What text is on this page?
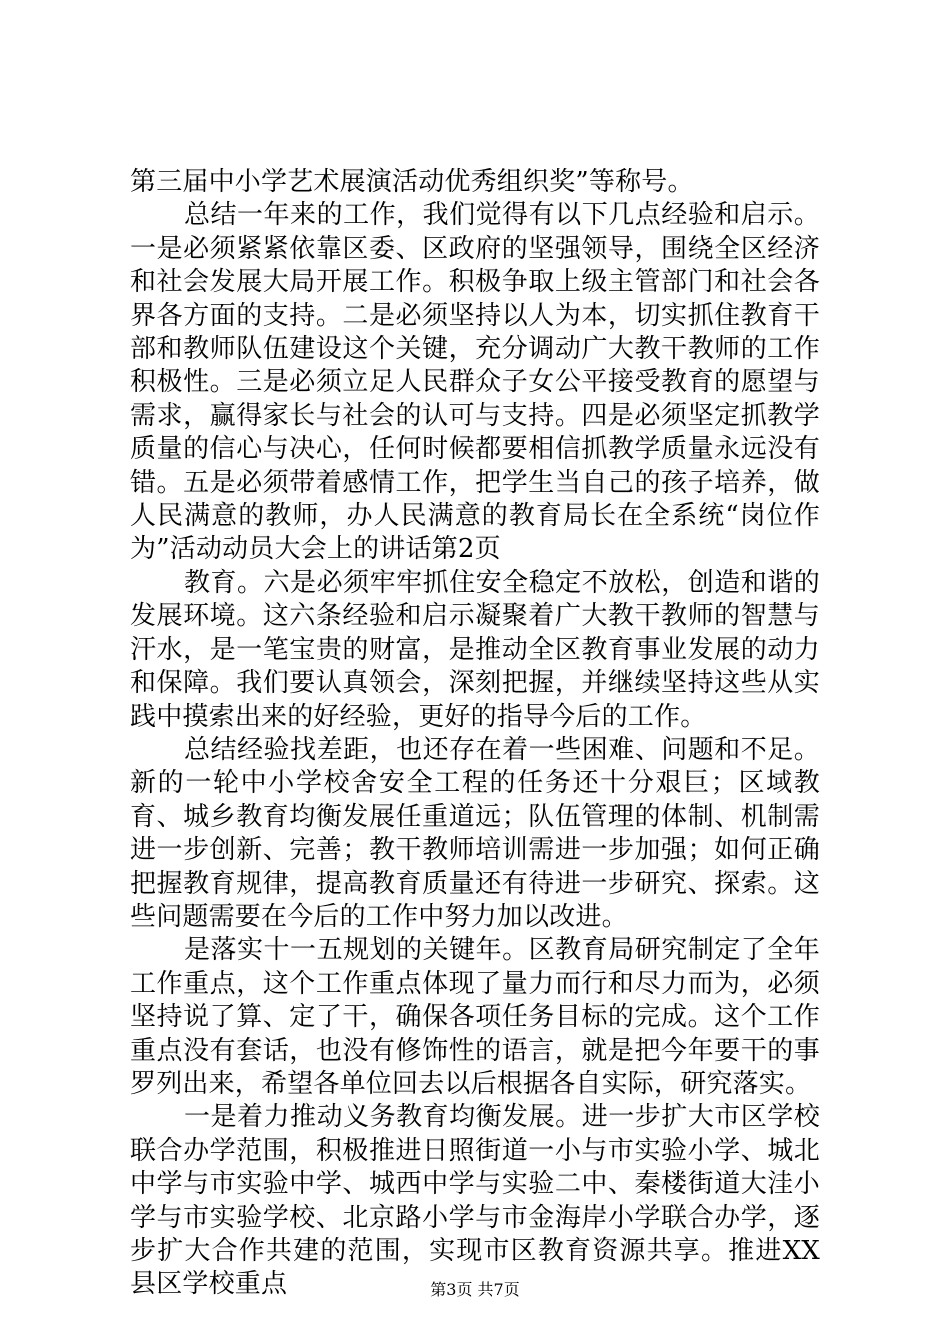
第三届中小学艺术展演活动优秀组织奖”等称号。

总结一年来的工作，我们觉得有以下几点经验和启示。一是必须紧紧依靠区委、区政府的坚强领导，围绕全区经济和社会发展大局开展工作。积极争取上级主管部门和社会各界各方面的支持。二是必须坚持以人为本，切实抓住教育干部和教师队伍建设这个关键，充分调动广大教干教师的工作积极性。三是必须立足人民群众子女公平接受教育的愿望与需求，赢得家长与社会的认可与支持。四是必须坚定抓教学质量的信心与决心，任何时候都要相信抓教学质量永远没有错。五是必须带着感情工作，把学生当自己的孩子培养，做人民满意的教师，办人民满意的教育局长在全系统“岗位作为”活动动员大会上的讲话第2页

教育。六是必须牢牢抓住安全稳定不放松，创造和谐的发展环境。这六条经验和启示凝聚着广大教干教师的智慧与汗水，是一笔宝贵的财富，是推动全区教育事业发展的动力和保障。我们要认真领会，深刻把握，并继续坚持这些从实践中摸索出来的好经验，更好的指导今后的工作。

总结经验找差距，也还存在着一些困难、问题和不足。新的一轮中小学校舍安全工程的任务还十分艰巨；区域教育、城乡教育均衡发展任重道远；队伍管理的体制、机制需进一步创新、完善；教干教师培训需进一步加强；如何正确把握教育规律，提高教育质量还有待进一步研究、探索。这些问题需要在今后的工作中努力加以改进。

是落实十一五规划的关键年。区教育局研究制定了全年工作重点，这个工作重点体现了量力而行和尽力而为，必须坚持说了算、定了干，确保各项任务目标的完成。这个工作重点没有套话，也没有修饰性的语言，就是把今年要干的事罗列出来，希望各单位回去以后根据各自实际，研究落实。

一是着力推动义务教育均衡发展。进一步扩大市区学校联合办学范围，积极推进日照街道一小与市实验小学、城北中学与市实验中学、城西中学与实验二中、秦楼街道大洼小学与市实验学校、北京路小学与市金海岸小学联合办学，逐步扩大合作共建的范围，实现市区教育资源共享。推进XX县区学校重点	第3页 共7页
